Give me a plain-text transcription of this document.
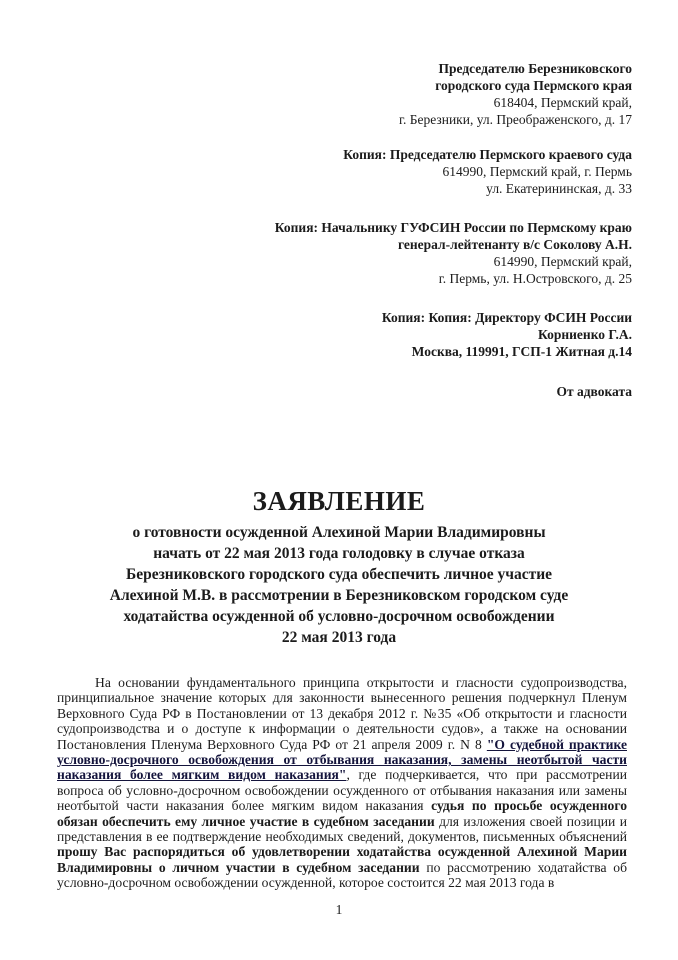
Председателю Березниковского
городского суда Пермского края
618404, Пермский край,
г. Березники, ул. Преображенского, д. 17
Копия: Председателю Пермского краевого суда
614990, Пермский край, г. Пермь
ул. Екатерининская, д. 33
Копия: Начальнику ГУФСИН России по Пермскому краю
генерал-лейтенанту в/с Соколову А.Н.
614990, Пермский край,
г. Пермь, ул. Н.Островского, д. 25
Копия: Копия: Директору ФСИН России
Корниенко Г.А.
Москва, 119991, ГСП-1 Житная д.14
От адвоката
ЗАЯВЛЕНИЕ
о готовности осужденной Алехиной Марии Владимировны
начать от 22 мая 2013 года голодовку в случае отказа
Березниковского городского суда обеспечить личное участие
Алехиной М.В. в рассмотрении в Березниковском городском суде
ходатайства осужденной об условно-досрочном освобождении
22 мая 2013 года

На основании фундаментального принципа открытости и гласности судопроизводства, принципиальное значение которых для законности вынесенного решения подчеркнул Пленум Верховного Суда РФ в Постановлении от 13 декабря 2012 г. №35 «Об открытости и гласности судопроизводства и о доступе к информации о деятельности судов», а также на основании Постановления Пленума Верховного Суда РФ от 21 апреля 2009 г. N 8 "О судебной практике условно-досрочного освобождения от отбывания наказания, замены неотбытой части наказания более мягким видом наказания", где подчеркивается, что при рассмотрении вопроса об условно-досрочном освобождении осужденного от отбывания наказания или замены неотбытой части наказания более мягким видом наказания судья по просьбе осужденного обязан обеспечить ему личное участие в судебном заседании для изложения своей позиции и представления в ее подтверждение необходимых сведений, документов, письменных объяснений прошу Вас распорядиться об удовлетворении ходатайства осужденной Алехиной Марии Владимировны о личном участии в судебном заседании по рассмотрению ходатайства об условно-досрочном освобождении осужденной, которое состоится 22 мая 2013 года в

1
